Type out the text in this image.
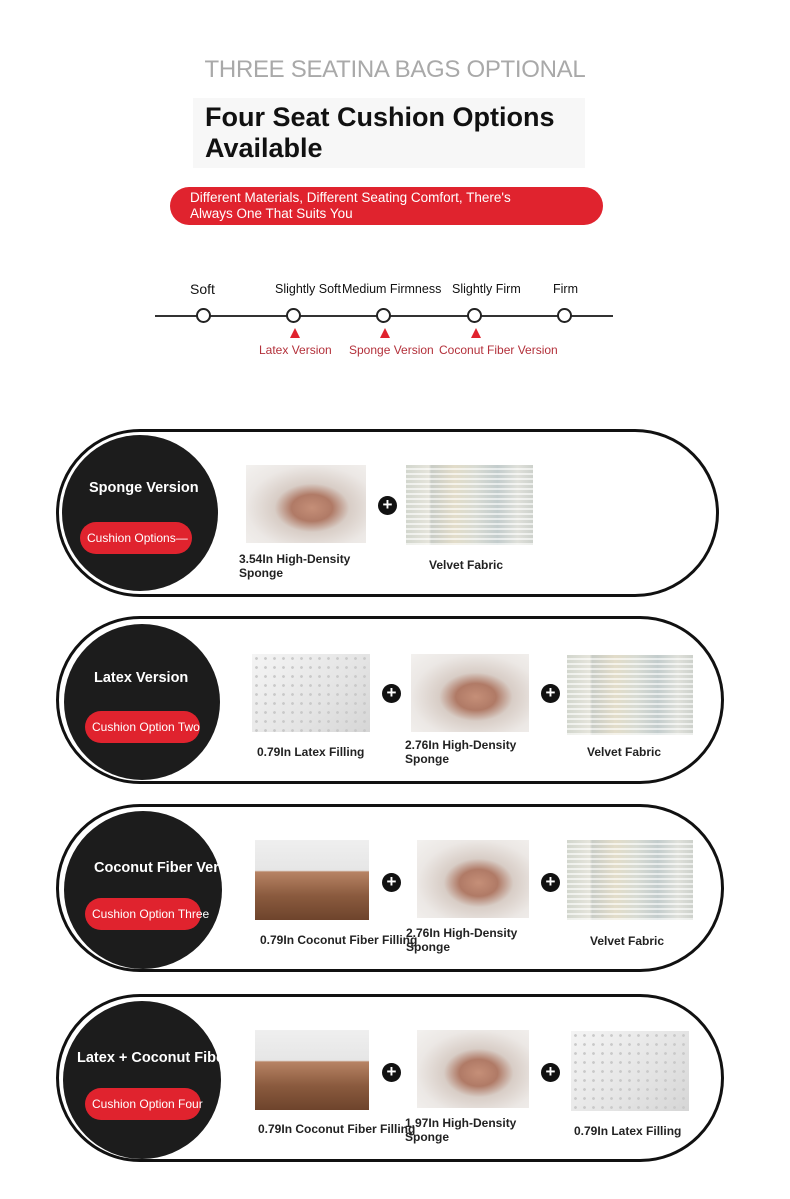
THREE SEATINA BAGS OPTIONAL
Four Seat Cushion Options
Available
Different Materials, Different Seating Comfort, There's
Always One That Suits You
Soft	Slightly Soft Medium Firmness Slightly Firm	Firm
Latex Version Sponge Version Coconut Fiber Version
Sponge Version
Cushion Options—
3.54In High-Density Sponge
+
Velvet Fabric
Latex Version
Cushion Option Two
0.79In Latex Filling
+
2.76In High-Density Sponge
+
Velvet Fabric
Coconut Fiber Version
Cushion Option Three
0.79In Coconut Fiber Filling
+
2.76In High-Density Sponge
+
Velvet Fabric
Latex + Coconut Fiber
Cushion Option Four
0.79In Coconut Fiber Filling
+
1.97In High-Density Sponge
+
0.79In Latex Filling
